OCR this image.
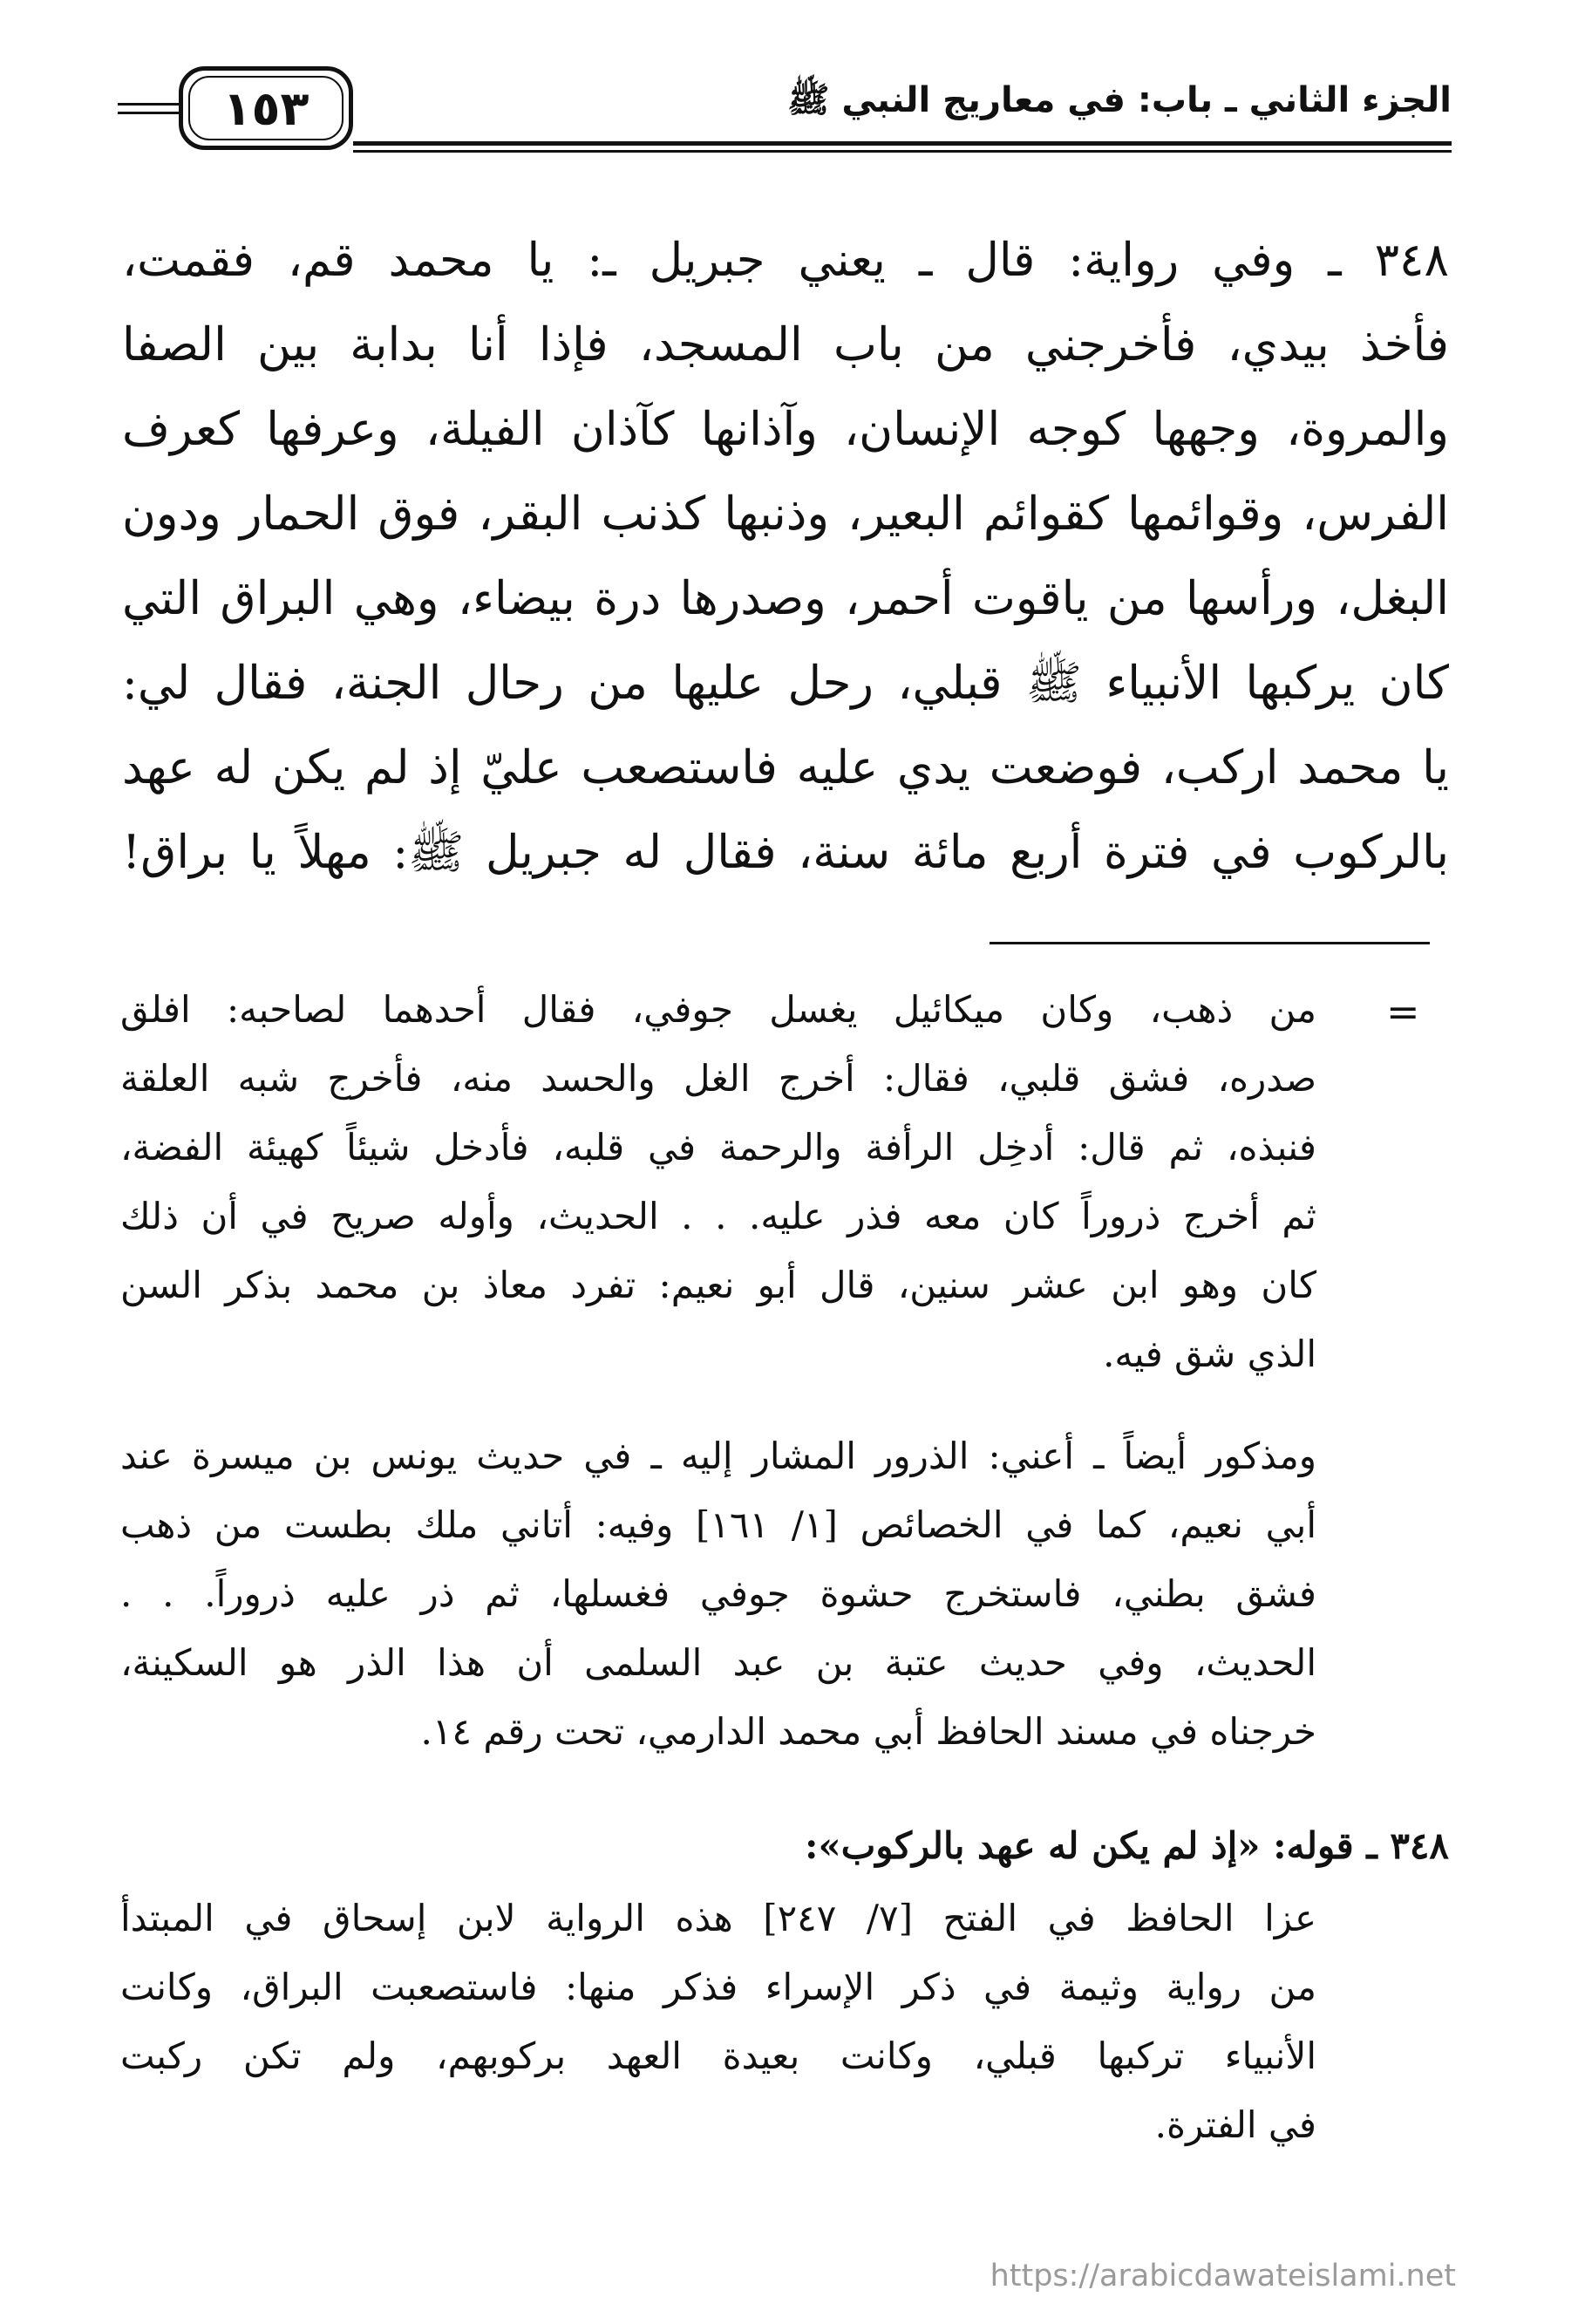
الجزء الثاني ـ باب: في معاريج النبي ﷺ
١٥٣
٣٤٨ ـ وفي رواية: قال ـ يعني جبريل ـ: يا محمد قم، فقمت،
فأخذ بيدي، فأخرجني من باب المسجد، فإذا أنا بدابة بين الصفا
والمروة، وجهها كوجه الإنسان، وآذانها كآذان الفيلة، وعرفها كعرف
الفرس، وقوائمها كقوائم البعير، وذنبها كذنب البقر، فوق الحمار ودون
البغل، ورأسها من ياقوت أحمر، وصدرها درة بيضاء، وهي البراق التي
كان يركبها الأنبياء ﷺ قبلي، رحل عليها من رحال الجنة، فقال لي:
يا محمد اركب، فوضعت يدي عليه فاستصعب عليّ إذ لم يكن له عهد
بالركوب في فترة أربع مائة سنة، فقال له جبريل ﷺ: مهلاً يا براق!
=
من ذهب، وكان ميكائيل يغسل جوفي، فقال أحدهما لصاحبه: افلق
صدره، فشق قلبي، فقال: أخرج الغل والحسد منه، فأخرج شبه العلقة
فنبذه، ثم قال: أدخِل الرأفة والرحمة في قلبه، فأدخل شيئاً كهيئة الفضة،
ثم أخرج ذروراً كان معه فذر عليه. . . الحديث، وأوله صريح في أن ذلك
كان وهو ابن عشر سنين، قال أبو نعيم: تفرد معاذ بن محمد بذكر السن
الذي شق فيه.
ومذكور أيضاً ـ أعني: الذرور المشار إليه ـ في حديث يونس بن ميسرة عند
أبي نعيم، كما في الخصائص [١/ ١٦١] وفيه: أتاني ملك بطست من ذهب
فشق بطني، فاستخرج حشوة جوفي فغسلها، ثم ذر عليه ذروراً. . .
الحديث، وفي حديث عتبة بن عبد السلمى أن هذا الذر هو السكينة،
خرجناه في مسند الحافظ أبي محمد الدارمي، تحت رقم ١٤.
٣٤٨ ـ قوله: «إذ لم يكن له عهد بالركوب»:
عزا الحافظ في الفتح [٧/ ٢٤٧] هذه الرواية لابن إسحاق في المبتدأ
من رواية وثيمة في ذكر الإسراء فذكر منها: فاستصعبت البراق، وكانت
الأنبياء تركبها قبلي، وكانت بعيدة العهد بركوبهم، ولم تكن ركبت
في الفترة.
https://arabicdawateislami.net
